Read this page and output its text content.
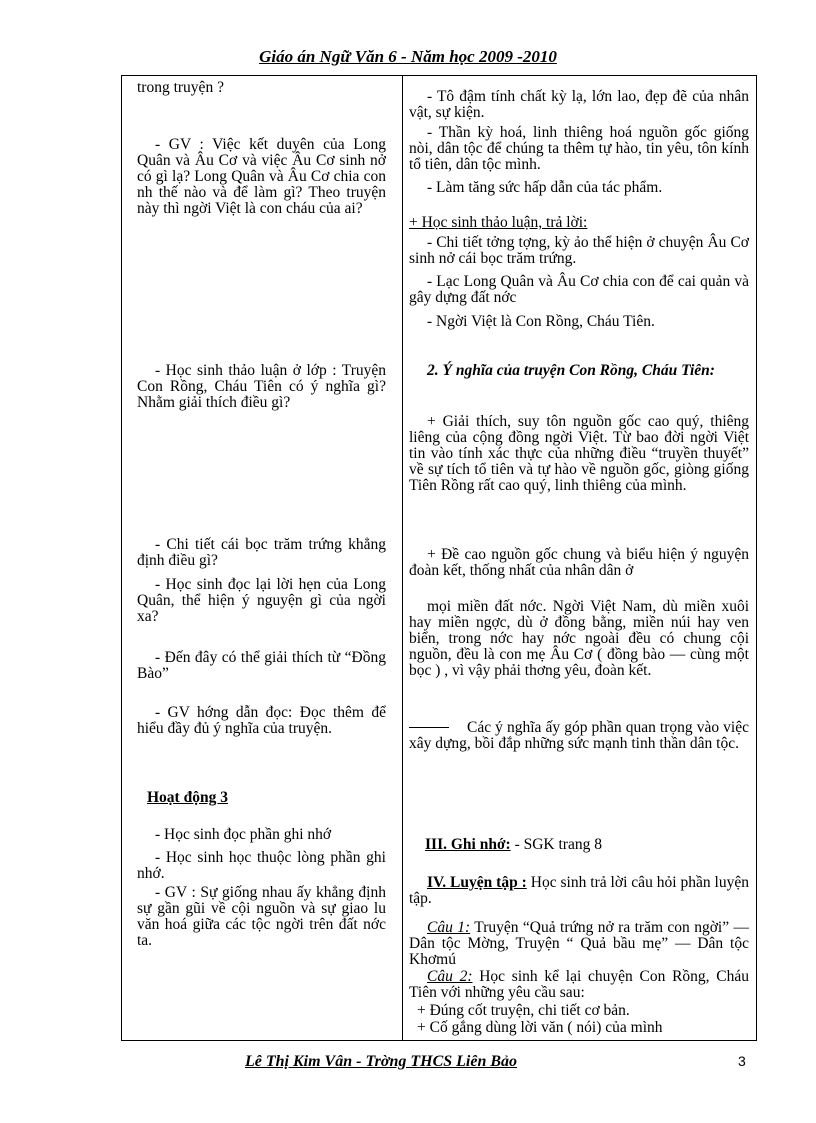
Giáo án Ngữ Văn 6 - Năm học 2009 -2010

trong truyện ?

- GV : Việc kết duyên của Long Quân và Âu Cơ và việc Âu Cơ sinh nở có gì lạ? Long Quân và Âu Cơ chia con nh thế nào và để làm gì? Theo truyện này thì ngời Việt là con cháu của ai?

- Học sinh thảo luận ở lớp : Truyện Con Rồng, Cháu Tiên có ý nghĩa gì? Nhằm giải thích điều gì?

- Chi tiết cái bọc trăm trứng khẳng định điều gì?

- Học sinh đọc lại lời hẹn của Long Quân, thể hiện ý nguyện gì của ngời xa?

- Đến đây có thể giải thích từ “Đồng Bào”

- GV hớng dẫn đọc: Đọc thêm để hiểu đầy đủ ý nghĩa của truyện.

Hoạt động 3

- Học sinh đọc phần ghi nhớ

- Học sinh học thuộc lòng phần ghi nhớ.

- GV : Sự giống nhau ấy khẳng định sự gần gũi về cội nguồn và sự giao lu văn hoá giữa các tộc ngời trên đất nớc ta.

- Tô đậm tính chất kỳ lạ, lớn lao, đẹp đẽ của nhân vật, sự kiện.

- Thần kỳ hoá, linh thiêng hoá nguồn gốc giống nòi, dân tộc để chúng ta thêm tự hào, tin yêu, tôn kính tổ tiên, dân tộc mình.

- Làm tăng sức hấp dẫn của tác phẩm.

+ Học sinh thảo luận, trả lời:

- Chi tiết tởng tợng, kỳ ảo thể hiện ở chuyện Âu Cơ sinh nở cái bọc trăm trứng.

- Lạc Long Quân và Âu Cơ chia con để cai quản và gây dựng đất nớc

- Ngời Việt là Con Rồng, Cháu Tiên.

2. Ý nghĩa của truyện Con Rồng, Cháu Tiên:

+ Giải thích, suy tôn nguồn gốc cao quý, thiêng liêng của cộng đồng ngời Việt. Từ bao đời ngời Việt tin vào tính xác thực của những điều “truyền thuyết” về sự tích tổ tiên và tự hào về nguồn gốc, giòng giống Tiên Rồng rất cao quý, linh thiêng của mình.

+ Đề cao nguồn gốc chung và biểu hiện ý nguyện đoàn kết, thống nhất của nhân dân ở

mọi miền đất nớc. Ngời Việt Nam, dù miền xuôi hay miền ngợc, dù ở đồng bằng, miền núi hay ven biển, trong nớc hay nớc ngoài đều có chung cội nguồn, đều là con mẹ Âu Cơ ( đồng bào — cùng một bọc ) , vì vậy phải thơng yêu, đoàn kết.

Các ý nghĩa ấy góp phần quan trọng vào việc xây dựng, bồi đắp những sức mạnh tinh thần dân tộc.

III. Ghi nhớ: - SGK trang 8

IV. Luyện tập : Học sinh trả lời câu hỏi phần luyện tập.

Câu 1: Truyện “Quả trứng nở ra trăm con ngời” — Dân tộc Mờng, Truyện “ Quả bầu mẹ” — Dân tộc Khơmú

Câu 2: Học sinh kể lại chuyện Con Rồng, Cháu Tiên với những yêu cầu sau:

+ Đúng cốt truyện, chi tiết cơ bản.

+ Cố gắng dùng lời văn ( nói) của mình

Lê Thị Kim Vân - Trờng THCS Liên Bảo	3
